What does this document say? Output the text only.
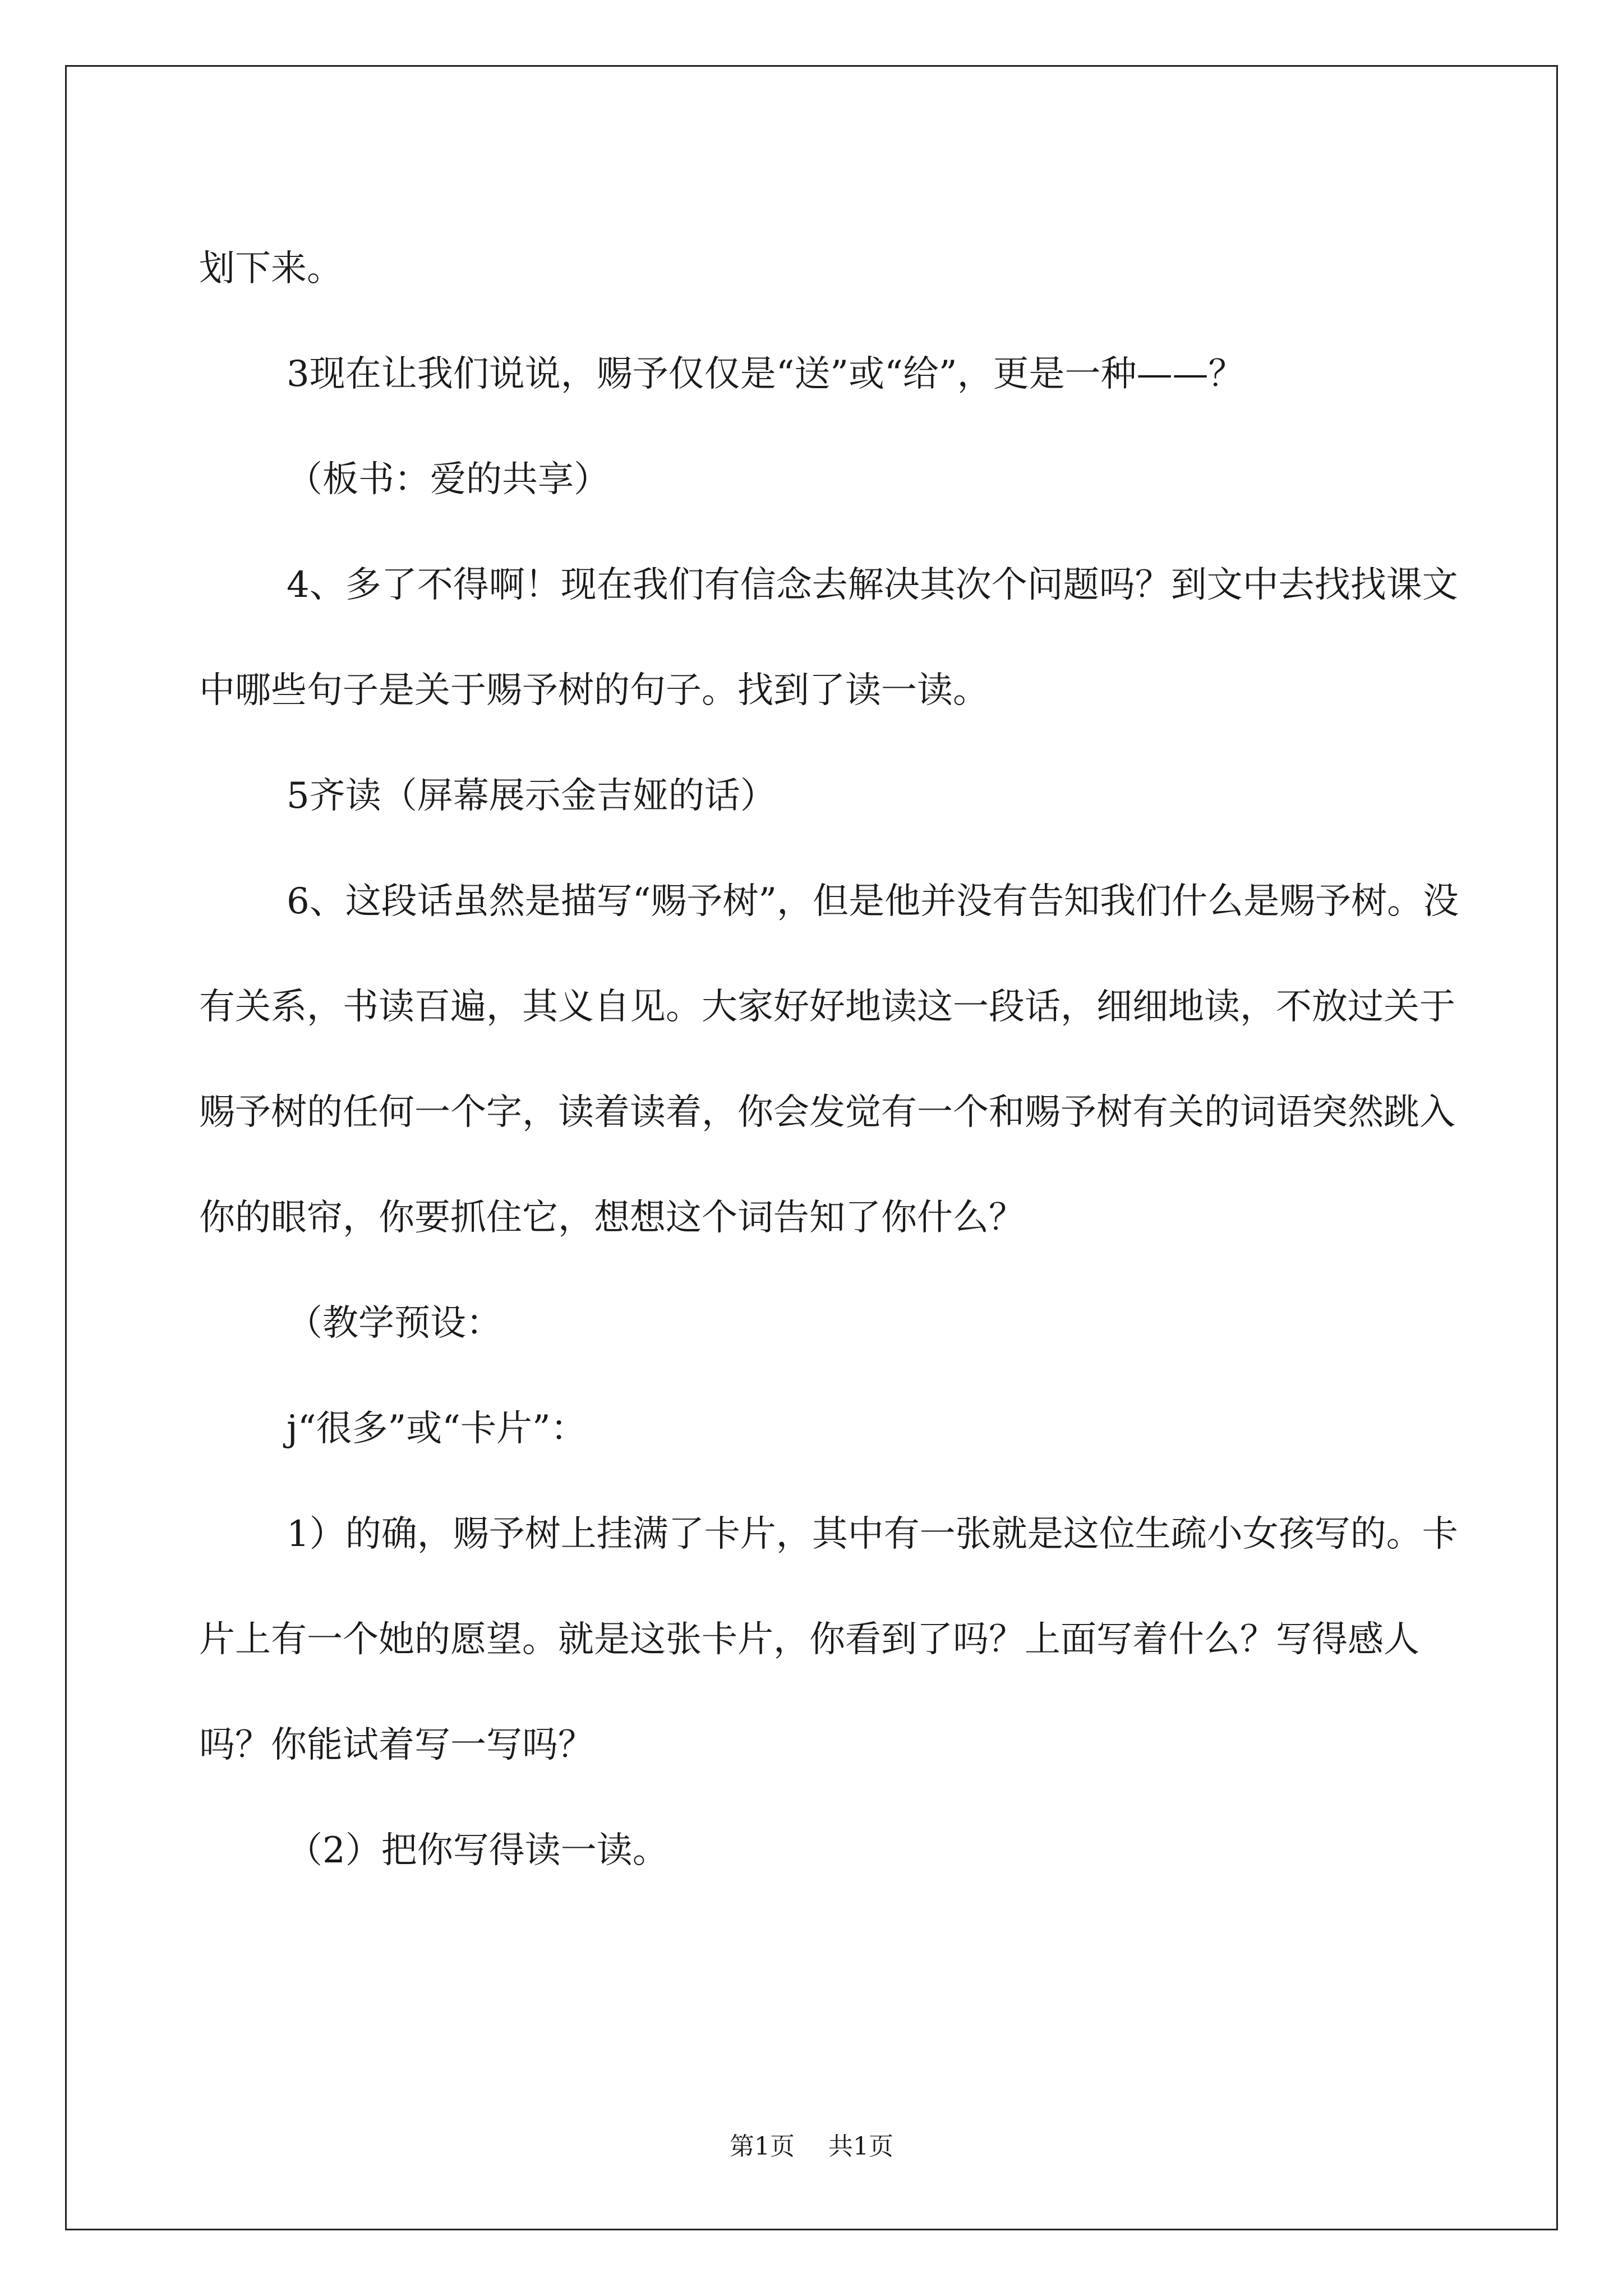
划下来。

3现在让我们说说，赐予仅仅是“送”或“给”，更是一种——？

（板书：爱的共享）

4、多了不得啊！现在我们有信念去解决其次个问题吗？到文中去找找课文中哪些句子是关于赐予树的句子。找到了读一读。

5齐读（屏幕展示金吉娅的话）

6、这段话虽然是描写“赐予树”，但是他并没有告知我们什么是赐予树。没有关系，书读百遍，其义自见。大家好好地读这一段话，细细地读，不放过关于赐予树的任何一个字，读着读着，你会发觉有一个和赐予树有关的词语突然跳入你的眼帘，你要抓住它，想想这个词告知了你什么？

（教学预设：

j“很多”或“卡片”：

1）的确，赐予树上挂满了卡片，其中有一张就是这位生疏小女孩写的。卡片上有一个她的愿望。就是这张卡片，你看到了吗？上面写着什么？写得感人吗？你能试着写一写吗？

（2）把你写得读一读。

第1页 共1页
